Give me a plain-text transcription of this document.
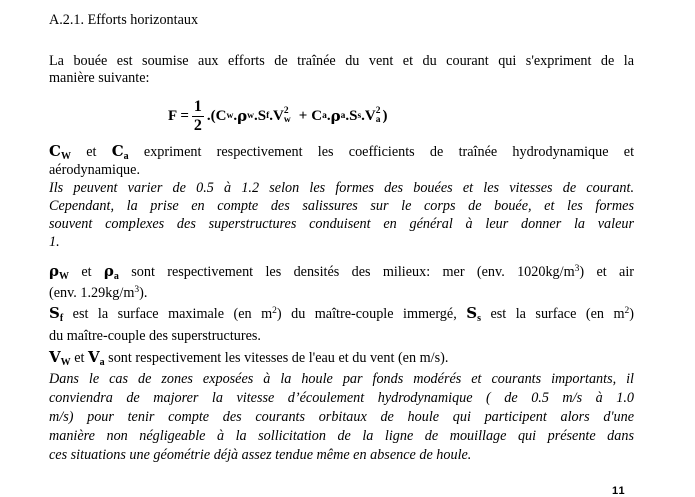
A.2.1. Efforts horizontaux
La bouée est soumise aux efforts de traînée du vent et du courant qui s'expriment de la
manière suivante:
$F = \frac{1}{2}$ . (C w . ρ w .S f . V 2
w + C a . ρ a .S s . V 2
a )
$C_W$ et $C_a$ expriment respectivement les coefficients de traînée hydrodynamique et
aérodynamique.
Ils peuvent varier de 0.5 à 1.2 selon les formes des bouées et les vitesses de courant.
Cependant, la prise en compte des salissures sur le corps de bouée, et les formes
souvent complexes des superstructures conduisent en général à leur donner la valeur
1.
$\rho_W$ et $\rho_a$ sont respectivement les densités des milieux: mer (env. $1020kg/m^3$) et air
(env. $1.29kg/m^3$).
$S_f$ est la surface maximale (en $m^2$) du maître-couple immergé, $S_s$ est la surface (en $m^2$)
du maître-couple des superstructures.
$V_W$ et $V_a$ sont respectivement les vitesses de l'eau et du vent (en m/s).
Dans le cas de zones exposées à la houle par fonds modérés et courants importants, il
conviendra de majorer la vitesse d’écoulement hydrodynamique ( de 0.5 m/s à 1.0
m/s) pour tenir compte des courants orbitaux de houle qui participent alors d'une
manière non négligeable à la sollicitation de la ligne de mouillage qui présente dans
ces situations une géométrie déjà assez tendue même en absence de houle.
11
